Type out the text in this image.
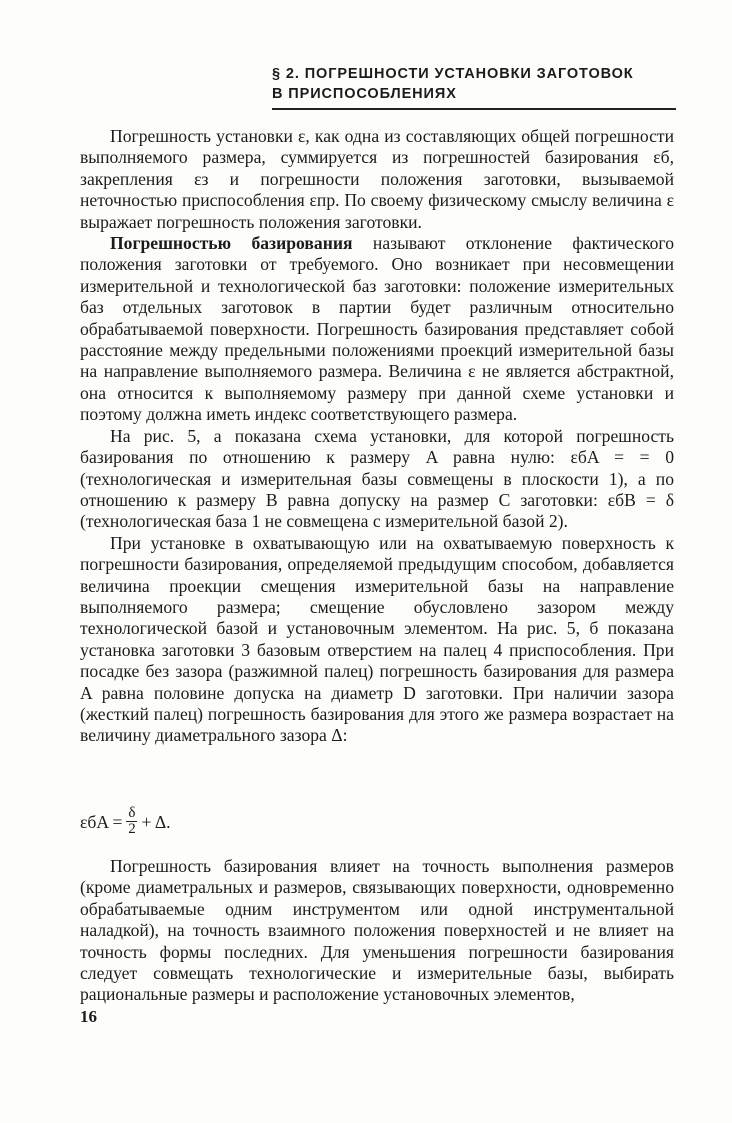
§ 2. ПОГРЕШНОСТИ УСТАНОВКИ ЗАГОТОВОК
В ПРИСПОСОБЛЕНИЯХ

Погрешность установки ε, как одна из составляющих общей погрешности выполняемого размера, суммируется из погрешностей базирования εб, закрепления εз и погрешности положения заготовки, вызываемой неточностью приспособления εпр. По своему физическому смыслу величина ε выражает погрешность положения заготовки.

Погрешностью базирования называют отклонение фактического положения заготовки от требуемого. Оно возникает при несовмещении измерительной и технологической баз заготовки: положение измерительных баз отдельных заготовок в партии будет различным относительно обрабатываемой поверхности. Погрешность базирования представляет собой расстояние между предельными положениями проекций измерительной базы на направление выполняемого размера. Величина ε не является абстрактной, она относится к выполняемому размеру при данной схеме установки и поэтому должна иметь индекс соответствующего размера.

На рис. 5, а показана схема установки, для которой погрешность базирования по отношению к размеру A равна нулю: εбA = = 0 (технологическая и измерительная базы совмещены в плоскости 1), а по отношению к размеру B равна допуску на размер C заготовки: εбB = δ (технологическая база 1 не совмещена с измерительной базой 2).

При установке в охватывающую или на охватываемую поверхность к погрешности базирования, определяемой предыдущим способом, добавляется величина проекции смещения измерительной базы на направление выполняемого размера; смещение обусловлено зазором между технологической базой и установочным элементом. На рис. 5, б показана установка заготовки 3 базовым отверстием на палец 4 приспособления. При посадке без зазора (разжимной палец) погрешность базирования для размера A равна половине допуска на диаметр D заготовки. При наличии зазора (жесткий палец) погрешность базирования для этого же размера возрастает на величину диаметрального зазора Δ:

$\varepsilon бA = \frac{\delta}{2} + \Delta$.

Погрешность базирования влияет на точность выполнения размеров (кроме диаметральных и размеров, связывающих поверхности, одновременно обрабатываемые одним инструментом или одной инструментальной наладкой), на точность взаимного положения поверхностей и не влияет на точность формы последних. Для уменьшения погрешности базирования следует совмещать технологические и измерительные базы, выбирать рациональные размеры и расположение установочных элементов,

16
